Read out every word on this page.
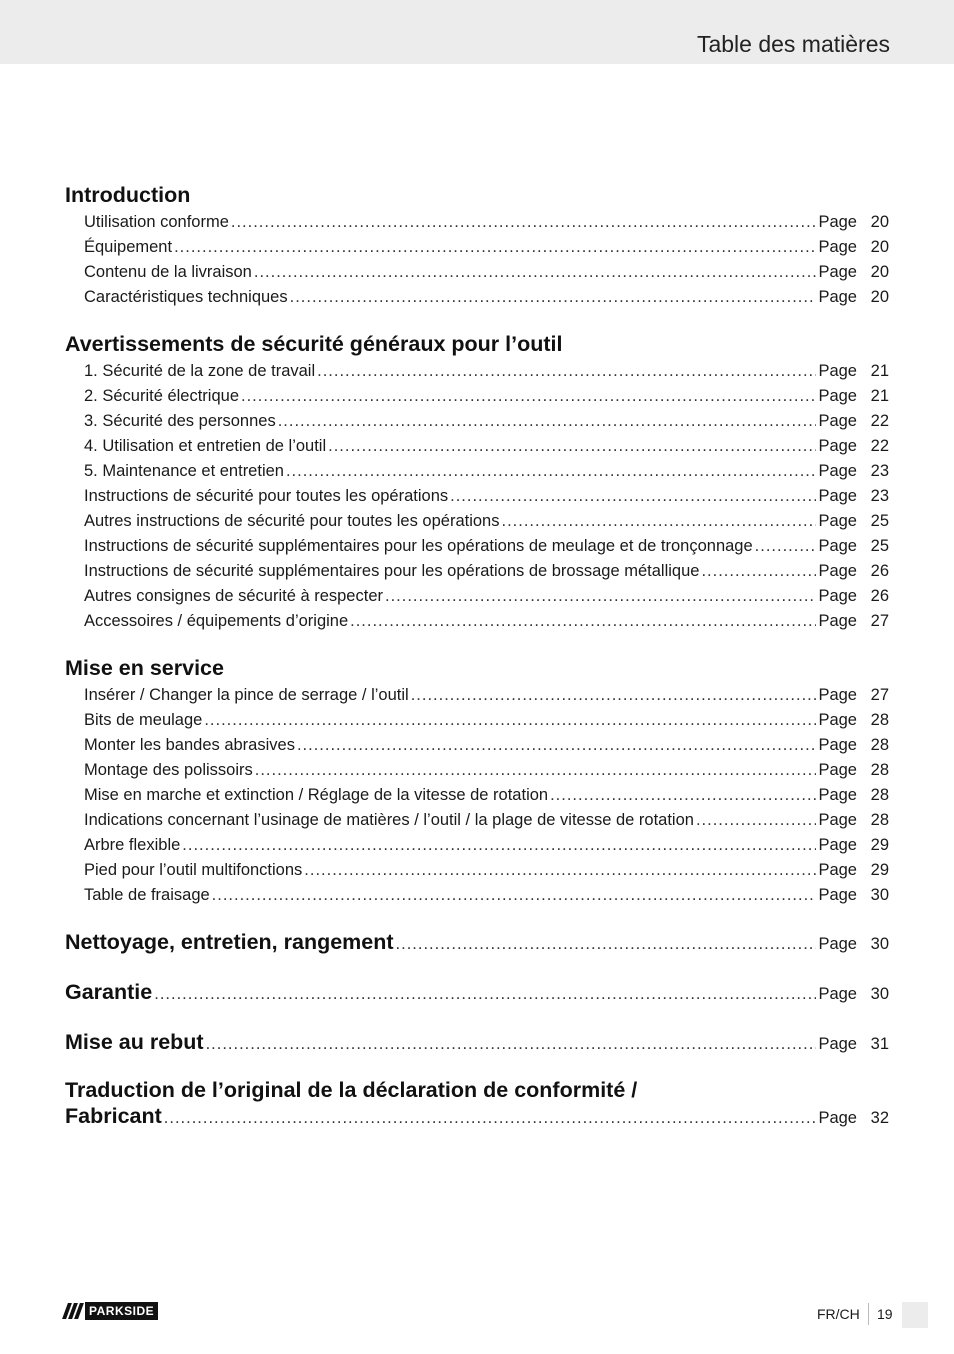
Table des matières
Introduction
Utilisation conforme .....	Page 20
Équipement .....	Page 20
Contenu de la livraison .....	Page 20
Caractéristiques techniques .....	Page 20
Avertissements de sécurité généraux pour l’outil
1. Sécurité de la zone de travail .....	Page 21
2. Sécurité électrique .....	Page 21
3. Sécurité des personnes .....	Page 22
4. Utilisation et entretien de l’outil .....	Page 22
5. Maintenance et entretien .....	Page 23
Instructions de sécurité pour toutes les opérations .....	Page 23
Autres instructions de sécurité pour toutes les opérations .....	Page 25
Instructions de sécurité supplémentaires pour les opérations de meulage et de tronçonnage .....	Page 25
Instructions de sécurité supplémentaires pour les opérations de brossage métallique .....	Page 26
Autres consignes de sécurité à respecter .....	Page 26
Accessoires / équipements d’origine .....	Page 27
Mise en service
Insérer / Changer la pince de serrage / l’outil .....	Page 27
Bits de meulage .....	Page 28
Monter les bandes abrasives .....	Page 28
Montage des polissoirs .....	Page 28
Mise en marche et extinction / Réglage de la vitesse de rotation .....	Page 28
Indications concernant l’usinage de matières / l’outil / la plage de vitesse de rotation .....	Page 28
Arbre flexible .....	Page 29
Pied pour l’outil multifonctions .....	Page 29
Table de fraisage .....	Page 30
Nettoyage, entretien, rangement .....	Page 30
Garantie .....	Page 30
Mise au rebut .....	Page 31
Traduction de l’original de la déclaration de conformité /
Fabricant .....	Page 32
PARKSIDE	FR/CH 19
